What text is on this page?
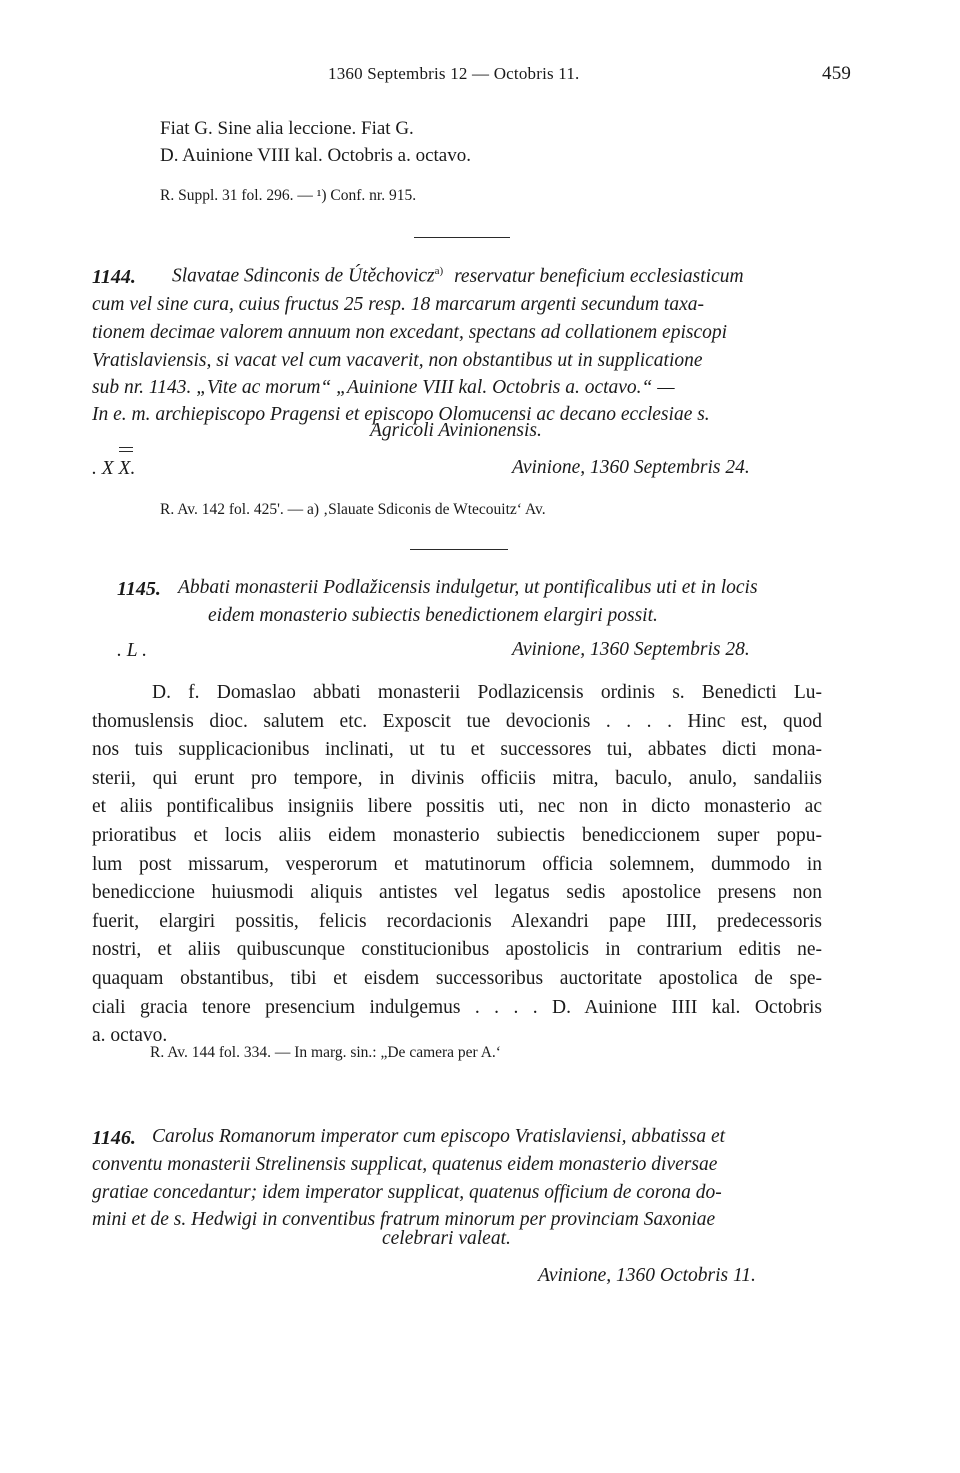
1360 Septembris 12 — Octobris 11.	459
Fiat G. Sine alia leccione. Fiat G.
D. Auinione VIII kal. Octobris a. octavo.
R. Suppl. 31 fol. 296. — ¹) Conf. nr. 915.
1144. Slavatae Sdinconis de Útěchovicz$^{a)}$ reservatur beneficium ecclesiasticum
cum vel sine cura, cuius fructus 25 resp. 18 marcarum argenti secundum taxa-
tionem decimae valorem annuum non excedant, spectans ad collationem episcopi
Vratislaviensis, si vacat vel cum vacaverit, non obstantibus ut in supplicatione
sub nr. 1143. „Vite ac morum“ „Auinione VIII kal. Octobris a. octavo.“ —
In e. m. archiepiscopo Pragensi et episcopo Olomucensi ac decano ecclesiae s.
Agricoli Avinionensis.
. X X.	Avinione, 1360 Septembris 24.
R. Av. 142 fol. 425'. — a) ‚Slauate Sdiconis de Wtecouitz‘ Av.
1145. Abbati monasterii Podlažicensis indulgetur, ut pontificalibus uti et in locis
eidem monasterio subiectis benedictionem elargiri possit.
. L .	Avinione, 1360 Septembris 28.
D. f. Domaslao abbati monasterii Podlazicensis ordinis s. Benedicti Lu-
thomuslensis dioc. salutem etc. Exposcit tue devocionis . . . . Hinc est, quod
nos tuis supplicacionibus inclinati, ut tu et successores tui, abbates dicti mona-
sterii, qui erunt pro tempore, in divinis officiis mitra, baculo, anulo, sandaliis
et aliis pontificalibus insigniis libere possitis uti, nec non in dicto monasterio ac
prioratibus et locis aliis eidem monasterio subiectis benediccionem super popu-
lum post missarum, vesperorum et matutinorum officia solemnem, dummodo in
benediccione huiusmodi aliquis antistes vel legatus sedis apostolice presens non
fuerit, elargiri possitis, felicis recordacionis Alexandri pape IIII, predecessoris
nostri, et aliis quibuscunque constitucionibus apostolicis in contrarium editis ne-
quaquam obstantibus, tibi et eisdem successoribus auctoritate apostolica de spe-
ciali gracia tenore presencium indulgemus . . . . D. Auinione IIII kal. Octobris
a. octavo.
R. Av. 144 fol. 334. — In marg. sin.: „De camera per A.‘
1146. Carolus Romanorum imperator cum episcopo Vratislaviensi, abbatissa et
conventu monasterii Strelinensis supplicat, quatenus eidem monasterio diversae
gratiae concedantur; idem imperator supplicat, quatenus officium de corona do-
mini et de s. Hedwigi in conventibus fratrum minorum per provinciam Saxoniae
celebrari valeat.
Avinione, 1360 Octobris 11.
